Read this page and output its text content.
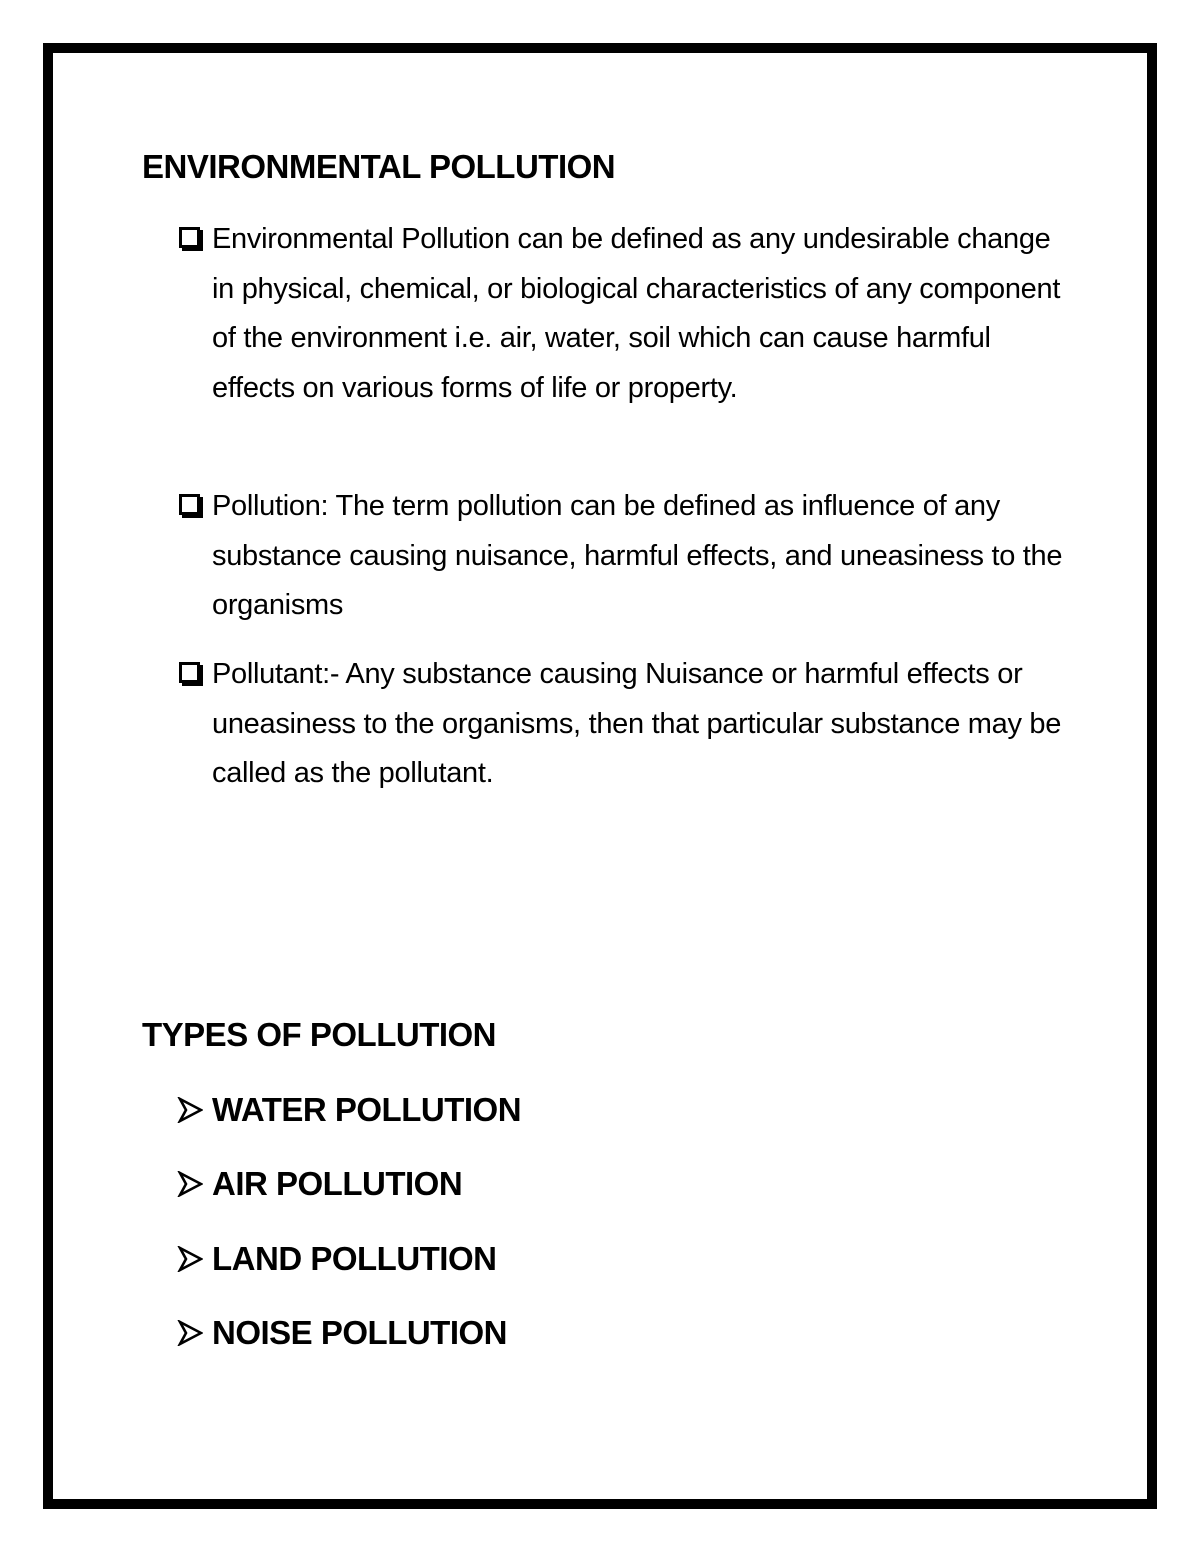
ENVIRONMENTAL POLLUTION
Environmental Pollution can be defined as any undesirable change in physical, chemical, or biological characteristics of any component of the environment i.e. air, water, soil which can cause harmful effects on various forms of life or property.
Pollution: The term pollution can be defined as influence of any substance causing nuisance, harmful effects, and uneasiness to the organisms
Pollutant:- Any substance causing Nuisance or harmful effects or uneasiness to the organisms, then that particular substance may be called as the pollutant.
TYPES OF POLLUTION
WATER POLLUTION
AIR POLLUTION
LAND POLLUTION
NOISE POLLUTION
